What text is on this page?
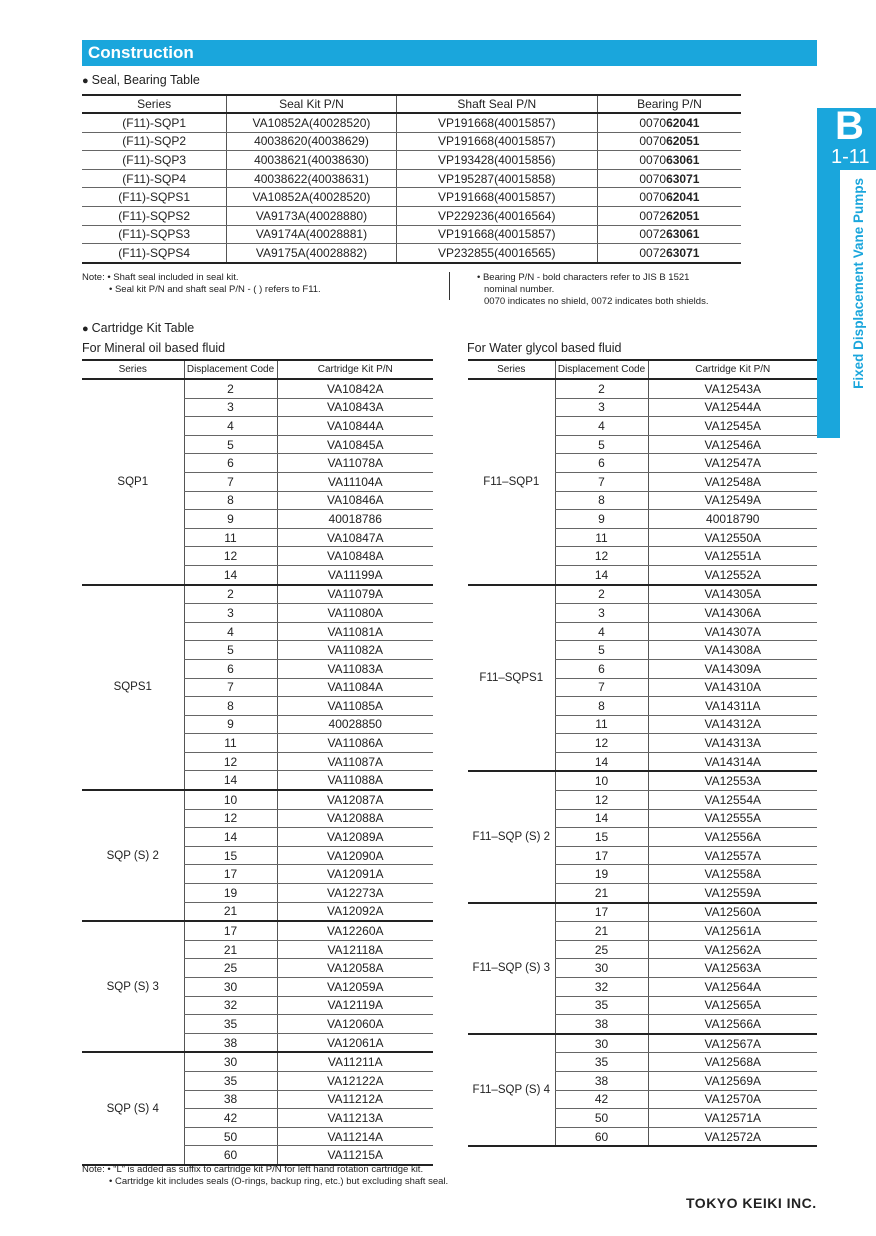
Construction
● Seal, Bearing Table
Series	Seal Kit P/N	Shaft Seal P/N	Bearing P/N
(F11)-SQP1	VA10852A(40028520)	VP191668(40015857)	007062041
(F11)-SQP2	40038620(40038629)	VP191668(40015857)	007062051
(F11)-SQP3	40038621(40038630)	VP193428(40015856)	007063061
(F11)-SQP4	40038622(40038631)	VP195287(40015858)	007063071
(F11)-SQPS1	VA10852A(40028520)	VP191668(40015857)	007062041
(F11)-SQPS2	VA9173A(40028880)	VP229236(40016564)	007262051
(F11)-SQPS3	VA9174A(40028881)	VP191668(40015857)	007263061
(F11)-SQPS4	VA9175A(40028882)	VP232855(40016565)	007263071
Note: • Shaft seal included in seal kit.
• Seal kit P/N and shaft seal P/N - ( ) refers to F11.
• Bearing P/N - bold characters refer to JIS B 1521
nominal number.
0070 indicates no shield, 0072 indicates both shields.
● Cartridge Kit Table
For Mineral oil based fluid	For Water glycol based fluid
Series	Displacement Code	Cartridge Kit P/N
SQP1	2	VA10842A
	3	VA10843A
	4	VA10844A
	5	VA10845A
	6	VA11078A
	7	VA11104A
	8	VA10846A
	9	40018786
	11	VA10847A
	12	VA10848A
	14	VA11199A
SQPS1	2	VA11079A
	3	VA11080A
	4	VA11081A
	5	VA11082A
	6	VA11083A
	7	VA11084A
	8	VA11085A
	9	40028850
	11	VA11086A
	12	VA11087A
	14	VA11088A
SQP (S) 2	10	VA12087A
	12	VA12088A
	14	VA12089A
	15	VA12090A
	17	VA12091A
	19	VA12273A
	21	VA12092A
SQP (S) 3	17	VA12260A
	21	VA12118A
	25	VA12058A
	30	VA12059A
	32	VA12119A
	35	VA12060A
	38	VA12061A
SQP (S) 4	30	VA11211A
	35	VA12122A
	38	VA11212A
	42	VA11213A
	50	VA11214A
	60	VA11215A
Series	Displacement Code	Cartridge Kit P/N
F11–SQP1	2	VA12543A
	3	VA12544A
	4	VA12545A
	5	VA12546A
	6	VA12547A
	7	VA12548A
	8	VA12549A
	9	40018790
	11	VA12550A
	12	VA12551A
	14	VA12552A
F11–SQPS1	2	VA14305A
	3	VA14306A
	4	VA14307A
	5	VA14308A
	6	VA14309A
	7	VA14310A
	8	VA14311A
	11	VA14312A
	12	VA14313A
	14	VA14314A
F11–SQP (S) 2	10	VA12553A
	12	VA12554A
	14	VA12555A
	15	VA12556A
	17	VA12557A
	19	VA12558A
	21	VA12559A
F11–SQP (S) 3	17	VA12560A
	21	VA12561A
	25	VA12562A
	30	VA12563A
	32	VA12564A
	35	VA12565A
	38	VA12566A
F11–SQP (S) 4	30	VA12567A
	35	VA12568A
	38	VA12569A
	42	VA12570A
	50	VA12571A
	60	VA12572A
Note: • “L” is added as suffix to cartridge kit P/N for left hand rotation cartridge kit.
• Cartridge kit includes seals (O-rings, backup ring, etc.) but excluding shaft seal.
B
1-11
Fixed Displacement Vane Pumps
TOKYO KEIKI INC.
